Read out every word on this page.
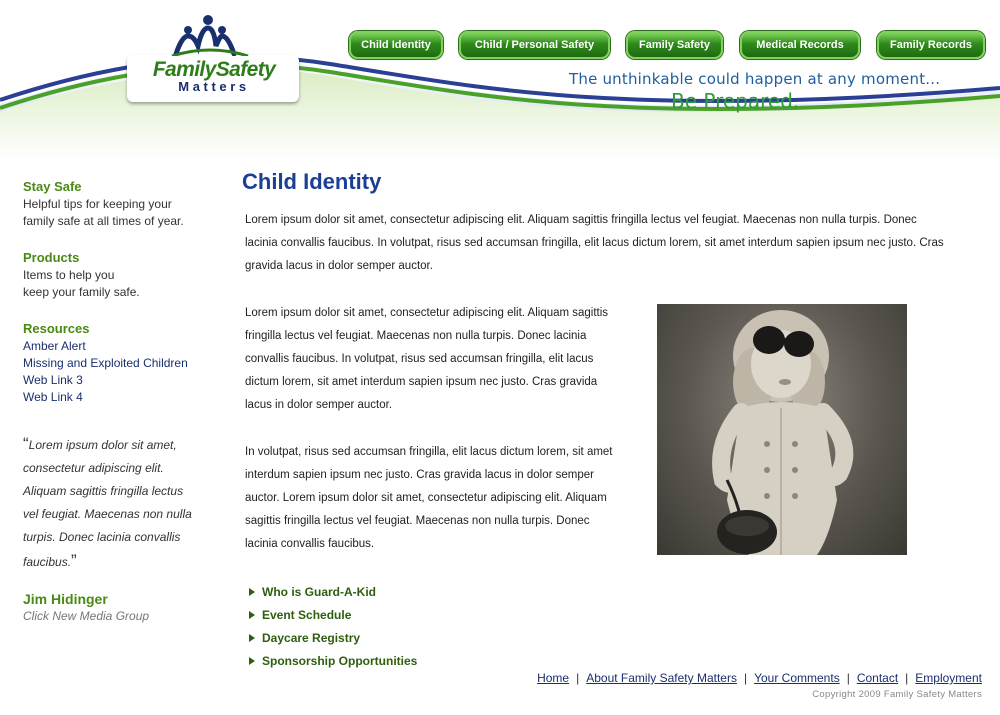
FamilySafety
Matters
Child Identity	Child / Personal Safety	Family Safety	Medical Records	Family Records
The unthinkable could happen at any moment...
Be Prepared.
Stay Safe
Helpful tips for keeping your
family safe at all times of year.
Products
Items to help you
keep your family safe.
Resources
Amber Alert
Missing and Exploited Children
Web Link 3
Web Link 4
“Lorem ipsum dolor sit amet,
consectetur adipiscing elit.
Aliquam sagittis fringilla lectus
vel feugiat. Maecenas non nulla
turpis. Donec lacinia convallis
faucibus.”
Jim Hidinger
Click New Media Group
Child Identity

Lorem ipsum dolor sit amet, consectetur adipiscing elit. Aliquam sagittis fringilla lectus vel feugiat. Maecenas non nulla turpis. Donec lacinia convallis faucibus. In volutpat, risus sed accumsan fringilla, elit lacus dictum lorem, sit amet interdum sapien ipsum nec justo. Cras gravida lacus in dolor semper auctor.

Lorem ipsum dolor sit amet, consectetur adipiscing elit. Aliquam sagittis fringilla lectus vel feugiat. Maecenas non nulla turpis. Donec lacinia convallis faucibus. In volutpat, risus sed accumsan fringilla, elit lacus dictum lorem, sit amet interdum sapien ipsum nec justo. Cras gravida lacus in dolor semper auctor.

In volutpat, risus sed accumsan fringilla, elit lacus dictum lorem, sit amet interdum sapien ipsum nec justo. Cras gravida lacus in dolor semper auctor. Lorem ipsum dolor sit amet, consectetur adipiscing elit. Aliquam sagittis fringilla lectus vel feugiat. Maecenas non nulla turpis. Donec lacinia convallis faucibus.

Who is Guard-A-Kid
Event Schedule
Daycare Registry
Sponsorship Opportunities
Home | About Family Safety Matters | Your Comments | Contact | Employment
Copyright 2009 Family Safety Matters
